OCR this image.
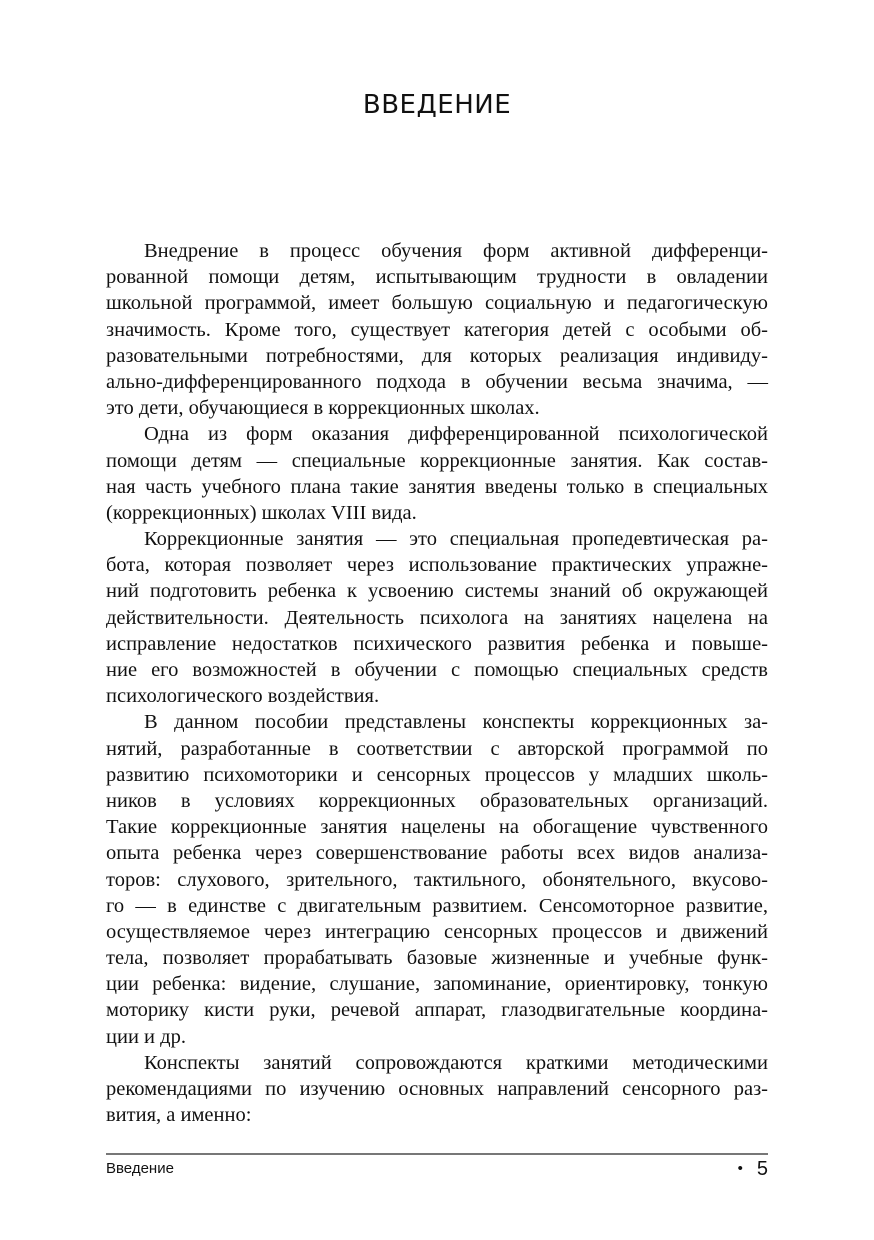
ВВЕДЕНИЕ
Внедрение в процесс обучения форм активной дифференци-
рованной помощи детям, испытывающим трудности в овладении
школьной программой, имеет большую социальную и педагогическую
значимость. Кроме того, существует категория детей с особыми об-
разовательными потребностями, для которых реализация индивиду-
ально-дифференцированного подхода в обучении весьма значима, —
это дети, обучающиеся в коррекционных школах.
Одна из форм оказания дифференцированной психологической
помощи детям — специальные коррекционные занятия. Как состав-
ная часть учебного плана такие занятия введены только в специальных
(коррекционных) школах VIII вида.
Коррекционные занятия — это специальная пропедевтическая ра-
бота, которая позволяет через использование практических упражне-
ний подготовить ребенка к усвоению системы знаний об окружающей
действительности. Деятельность психолога на занятиях нацелена на
исправление недостатков психического развития ребенка и повыше-
ние его возможностей в обучении с помощью специальных средств
психологического воздействия.
В данном пособии представлены конспекты коррекционных за-
нятий, разработанные в соответствии с авторской программой по
развитию психомоторики и сенсорных процессов у младших школь-
ников в условиях коррекционных образовательных организаций.
Такие коррекционные занятия нацелены на обогащение чувственного
опыта ребенка через совершенствование работы всех видов анализа-
торов: слухового, зрительного, тактильного, обонятельного, вкусово-
го — в единстве с двигательным развитием. Сенсомоторное развитие,
осуществляемое через интеграцию сенсорных процессов и движений
тела, позволяет прорабатывать базовые жизненные и учебные функ-
ции ребенка: видение, слушание, запоминание, ориентировку, тонкую
моторику кисти руки, речевой аппарат, глазодвигательные координа-
ции и др.
Конспекты занятий сопровождаются краткими методическими
рекомендациями по изучению основных направлений сенсорного раз-
вития, а именно:
Введение	• 5
